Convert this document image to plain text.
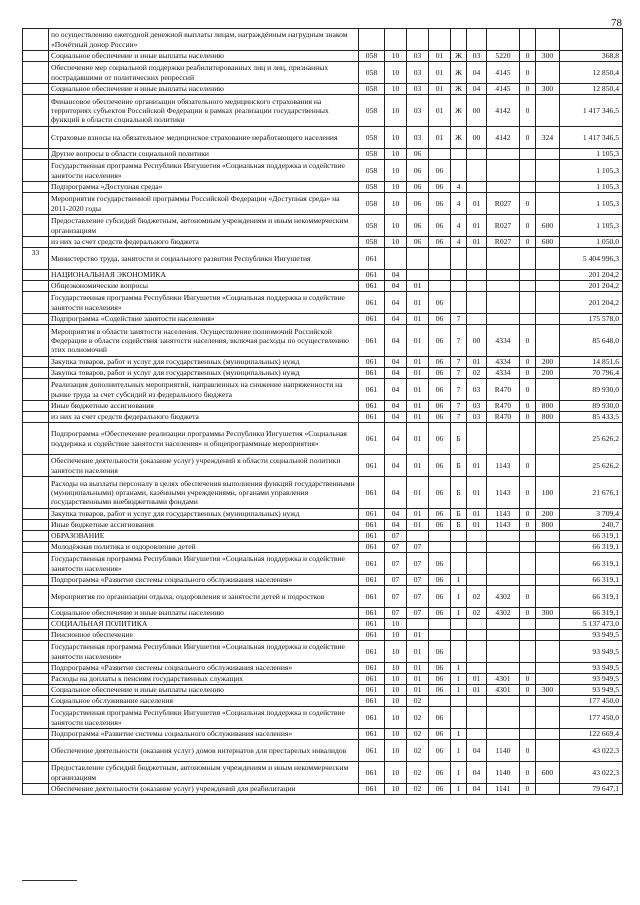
78
	по осуществлению ежегодной денежной выплаты лицам, награждённым нагрудным знаком «Почётный донор России»										
	Социальное обеспечение и иные выплаты населению	058	10	03	01	Ж	03	5220	0	300	368,8
	Обеспечение мер социальной поддержки реабилитированных лиц и лиц, признанных пострадавшими от политических репрессий	058	10	03	01	Ж	04	4145	0		12 850,4
	Социальное обеспечение и иные выплаты населению	058	10	03	01	Ж	04	4145	0	300	12 850,4
	Финансовое обеспечение организации обязательного медицинского страхования на территориях субъектов Российской Федерации в рамках реализации государственных функций в области социальной политики	058	10	03	01	Ж	00	4142	0		1 417 346,5
	Страховые взносы на обязательное медицинское страхование неработающего населения	058	10	03	01	Ж	00	4142	0	324	1 417 346,5
	Другие вопросы в области социальной политики	058	10	06							1 105,3
	Государственная программа Республики Ингушетия «Социальная поддержка и содействие занятости населения»	058	10	06	06						1 105,3
	Подпрограмма «Доступная среда»	058	10	06	06	4					1 105,3
	Мероприятия государственной программы Российской Федерации «Доступная среда» на 2011-2020 годы	058	10	06	06	4	01	R027	0		1 105,3
	Предоставление субсидий бюджетным, автономным учреждениям и иным некоммерческим организациям	058	10	06	06	4	01	R027	0	600	1 105,3
	из них за счет средств федерального бюджета	058	10	06	06	4	01	R027	0	600	1 050,0
33	Министерство труда, занятости и социального развития Республики Ингушетия	061									5 404 996,3
	НАЦИОНАЛЬНАЯ ЭКОНОМИКА	061	04								201 204,2
	Общеэкономические вопросы	061	04	01							201 204,2
	Государственная программа Республики Ингушетия «Социальная поддержка и содействие занятости населения»	061	04	01	06						201 204,2
	Подпрограмма «Содействие занятости населения»	061	04	01	06	7					175 578,0
	Мероприятия в области занятости населения. Осуществление полномочий Российской Федерации в области содействия занятости населения, включая расходы по осуществлению этих полномочий	061	04	01	06	7	00	4334	0		85 648,0
	Закупка товаров, работ и услуг для государственных (муниципальных) нужд	061	04	01	06	7	01	4334	0	200	14 851,6
	Закупка товаров, работ и услуг для государственных (муниципальных) нужд	061	04	01	06	7	02	4334	0	200	70 796,4
	Реализация дополнительных мероприятий, направленных на снижение напряженности на рынке труда за счет субсидий из федерального бюджета	061	04	01	06	7	03	R470	0		89 930,0
	Иные бюджетные ассигнования	061	04	01	06	7	03	R470	0	800	89 930,0
	из них за счет средств федерального бюджета	061	04	01	06	7	03	R470	0	800	85 433,5
	Подпрограмма «Обеспечение реализации программы Республики Ингушетия «Социальная поддержка и содействие занятости населения» и общепрограммные мероприятия»	061	04	01	06	Б					25 626,2
	Обеспечение деятельности (оказание услуг) учреждений в области социальной политики занятости населения	061	04	01	06	Б	01	1143	0		25 626,2
	Расходы на выплаты персоналу в целях обеспечения выполнения функций государственными (муниципальными) органами, казёнными учреждениями, органами управления государственными внебюджетными фондами	061	04	01	06	Б	01	1143	0	100	21 676,1
	Закупка товаров, работ и услуг для государственных (муниципальных) нужд	061	04	01	06	Б	01	1143	0	200	3 709,4
	Иные бюджетные ассигнования	061	04	01	06	Б	01	1143	0	800	240,7
	ОБРАЗОВАНИЕ	061	07								66 319,1
	Молодёжная политика и оздоровление детей	061	07	07							66 319,1
	Государственная программа Республики Ингушетия «Социальная поддержка и содействие занятости населения»	061	07	07	06						66 319,1
	Подпрограмма «Развитие системы социального обслуживания населения»	061	07	07	06	1					66 319,1
	Мероприятия по организации отдыха, оздоровления и занятости детей и подростков	061	07	07	06	1	02	4302	0		66 319,1
	Социальное обеспечение и иные выплаты населению	061	07	07	06	1	02	4302	0	300	66 319,1
	СОЦИАЛЬНАЯ ПОЛИТИКА	061	10								5 137 473,0
	Пенсионное обеспечение	061	10	01							93 949,5
	Государственная программа Республики Ингушетия «Социальная поддержка и содействие занятости населения»	061	10	01	06						93 949,5
	Подпрограмма «Развитие системы социального обслуживания населения»	061	10	01	06	1					93 949,5
	Расходы на доплаты к пенсиям государственных служащих	061	10	01	06	1	01	4301	0		93 949,5
	Социальное обеспечение и иные выплаты населению	061	10	01	06	1	01	4301	0	300	93 949,5
	Социальное обслуживание населения	061	10	02							177 450,0
	Государственная программа Республики Ингушетия «Социальная поддержка и содействие занятости населения»	061	10	02	06						177 450,0
	Подпрограмма «Развитие системы социального обслуживания населения»	061	10	02	06	1					122 669,4
	Обеспечение деятельности (оказания услуг) домов интернатов для престарелых инвалидов	061	10	02	06	1	04	1140	0		43 022,3
	Предоставление субсидий бюджетным, автономным учреждениям и иным некоммерческим организациям	061	10	02	06	1	04	1140	0	600	43 022,3
	Обеспечение деятельности (оказание услуг) учреждений для реабилитации	061	10	02	06	1	04	1141	0		79 647,1
